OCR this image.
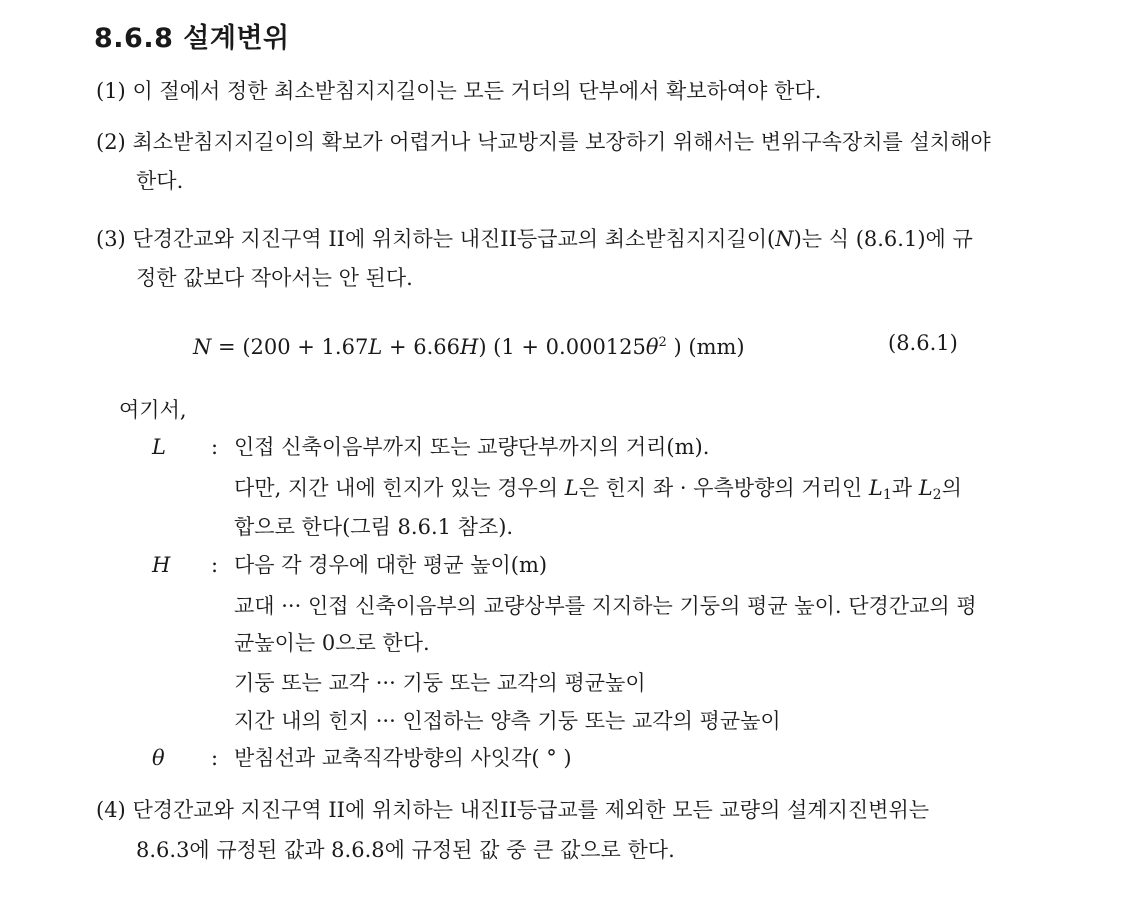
8.6.8 설계변위
(1) 이 절에서 정한 최소받침지지길이는 모든 거더의 단부에서 확보하여야 한다.
(2) 최소받침지지길이의 확보가 어렵거나 낙교방지를 보장하기 위해서는 변위구속장치를 설치해야
한다.
(3) 단경간교와 지진구역 II에 위치하는 내진II등급교의 최소받침지지길이(N)는 식 (8.6.1)에 규
정한 값보다 작아서는 안 된다.
N = (200 + 1.67L + 6.66H) ($1 + 0.000125\theta^2$ ) (mm)	(8.6.1)
여기서,
L : 인접 신축이음부까지 또는 교량단부까지의 거리(m).
다만, 지간 내에 힌지가 있는 경우의 L은 힌지 좌 · 우측방향의 거리인 $L_1$과 $L_2$의
합으로 한다(그림 8.6.1 참조).
H : 다음 각 경우에 대한 평균 높이(m)
교대 ··· 인접 신축이음부의 교량상부를 지지하는 기둥의 평균 높이. 단경간교의 평
균높이는 0으로 한다.
기둥 또는 교각 ··· 기둥 또는 교각의 평균높이
지간 내의 힌지 ··· 인접하는 양측 기둥 또는 교각의 평균높이
θ : 받침선과 교축직각방향의 사잇각( ° )
(4) 단경간교와 지진구역 II에 위치하는 내진II등급교를 제외한 모든 교량의 설계지진변위는
8.6.3에 규정된 값과 8.6.8에 규정된 값 중 큰 값으로 한다.
